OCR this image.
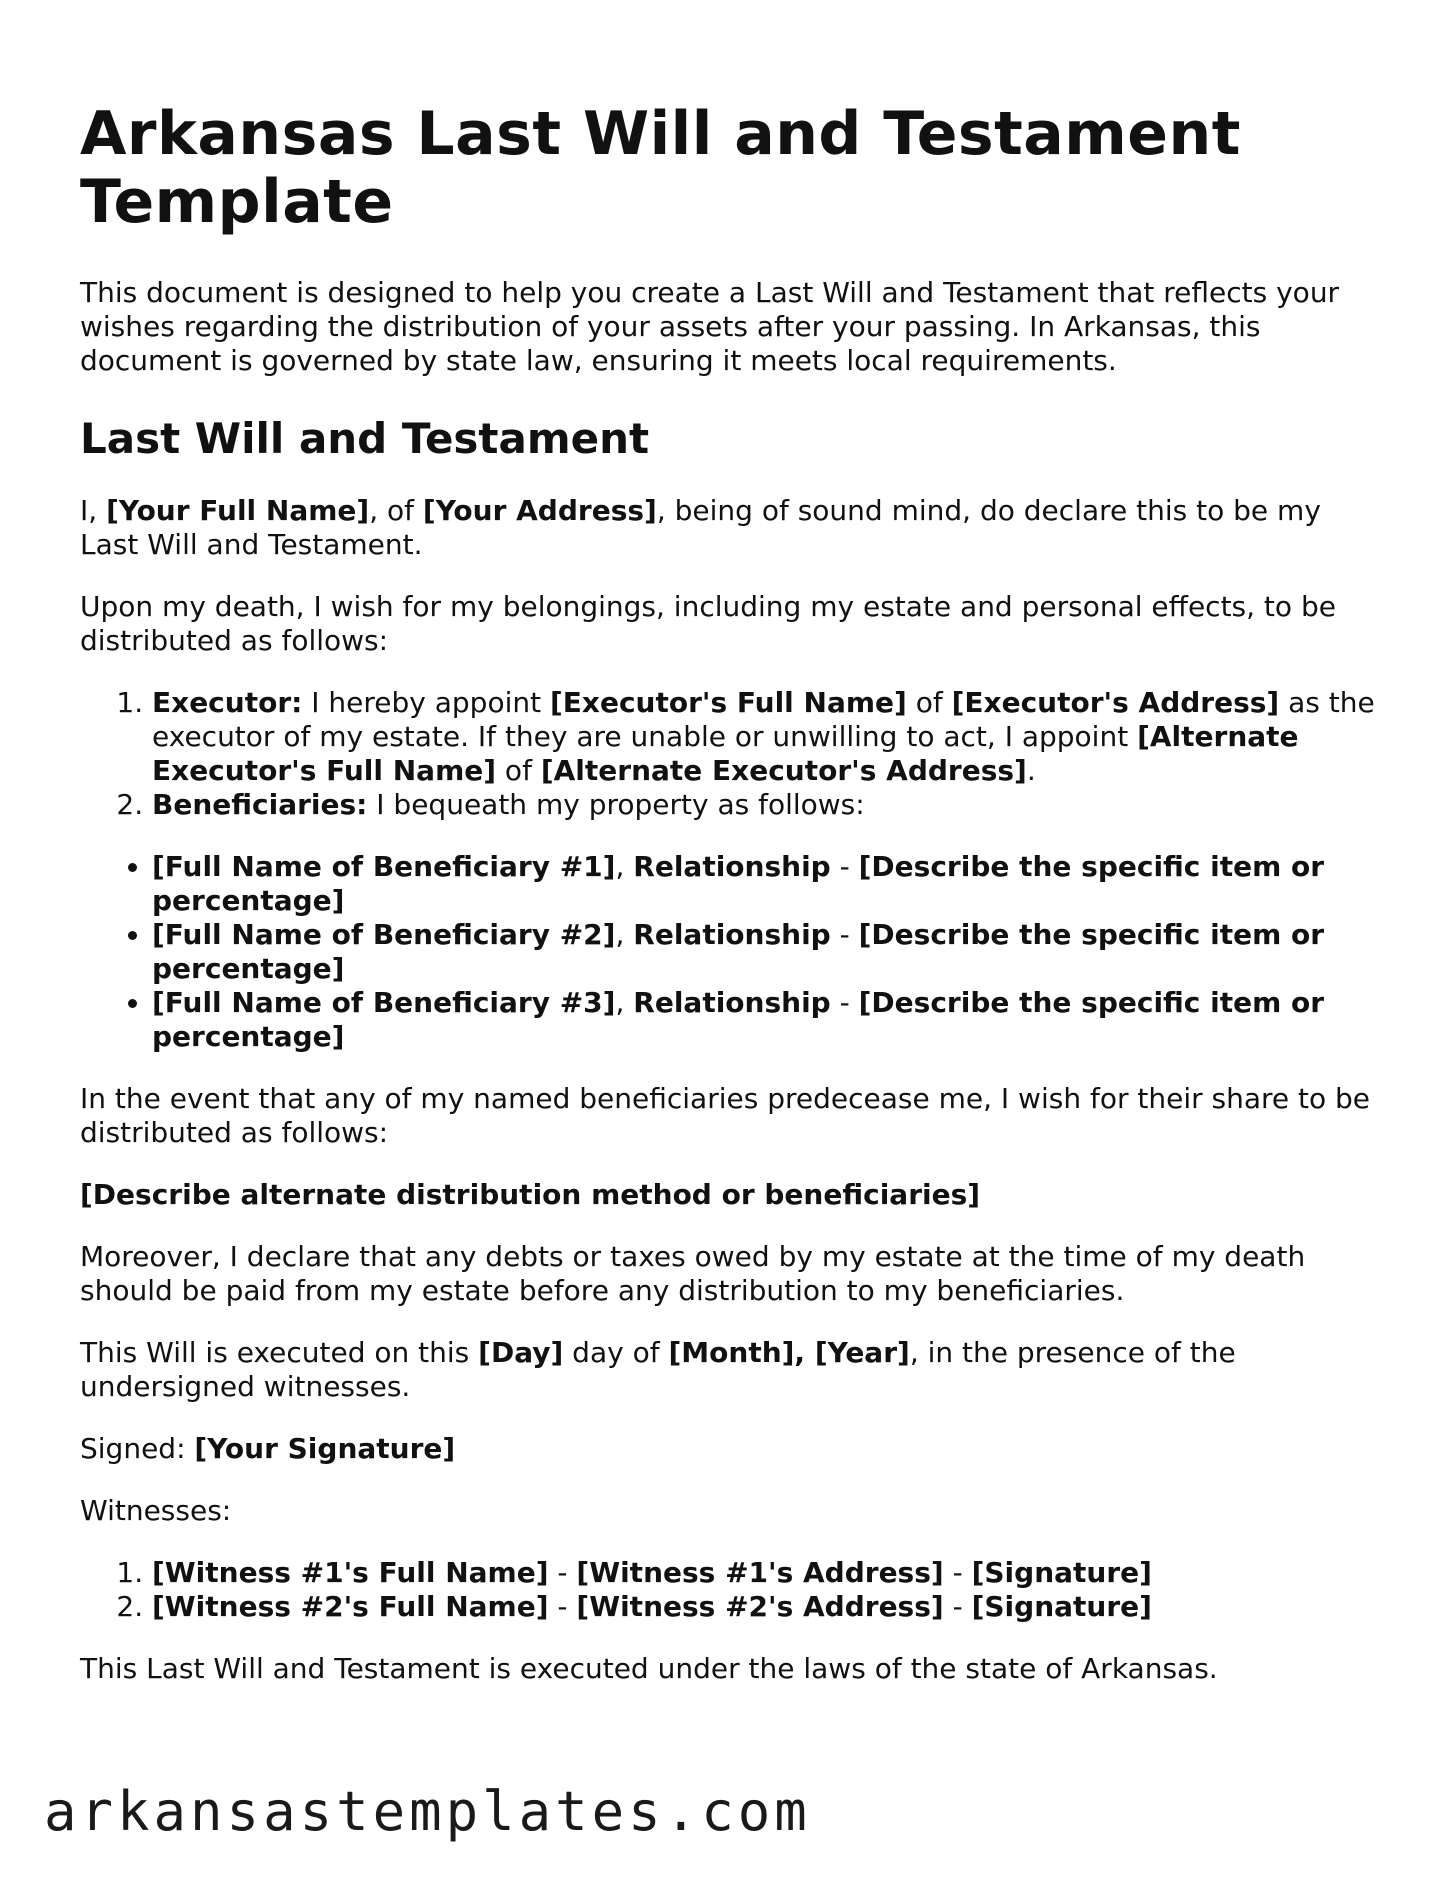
Arkansas Last Will and Testament Template

This document is designed to help you create a Last Will and Testament that reflects your wishes regarding the distribution of your assets after your passing. In Arkansas, this document is governed by state law, ensuring it meets local requirements.

Last Will and Testament

I, [Your Full Name], of [Your Address], being of sound mind, do declare this to be my Last Will and Testament.

Upon my death, I wish for my belongings, including my estate and personal effects, to be distributed as follows:

1. Executor: I hereby appoint [Executor's Full Name] of [Executor's Address] as the executor of my estate. If they are unable or unwilling to act, I appoint [Alternate Executor's Full Name] of [Alternate Executor's Address].
2. Beneficiaries: I bequeath my property as follows:
• [Full Name of Beneficiary #1], Relationship - [Describe the specific item or percentage]
• [Full Name of Beneficiary #2], Relationship - [Describe the specific item or percentage]
• [Full Name of Beneficiary #3], Relationship - [Describe the specific item or percentage]

In the event that any of my named beneficiaries predecease me, I wish for their share to be distributed as follows:

[Describe alternate distribution method or beneficiaries]

Moreover, I declare that any debts or taxes owed by my estate at the time of my death should be paid from my estate before any distribution to my beneficiaries.

This Will is executed on this [Day] day of [Month], [Year], in the presence of the undersigned witnesses.

Signed: [Your Signature]

Witnesses:

1. [Witness #1's Full Name] - [Witness #1's Address] - [Signature]
2. [Witness #2's Full Name] - [Witness #2's Address] - [Signature]

This Last Will and Testament is executed under the laws of the state of Arkansas.

arkansastemplates.com
